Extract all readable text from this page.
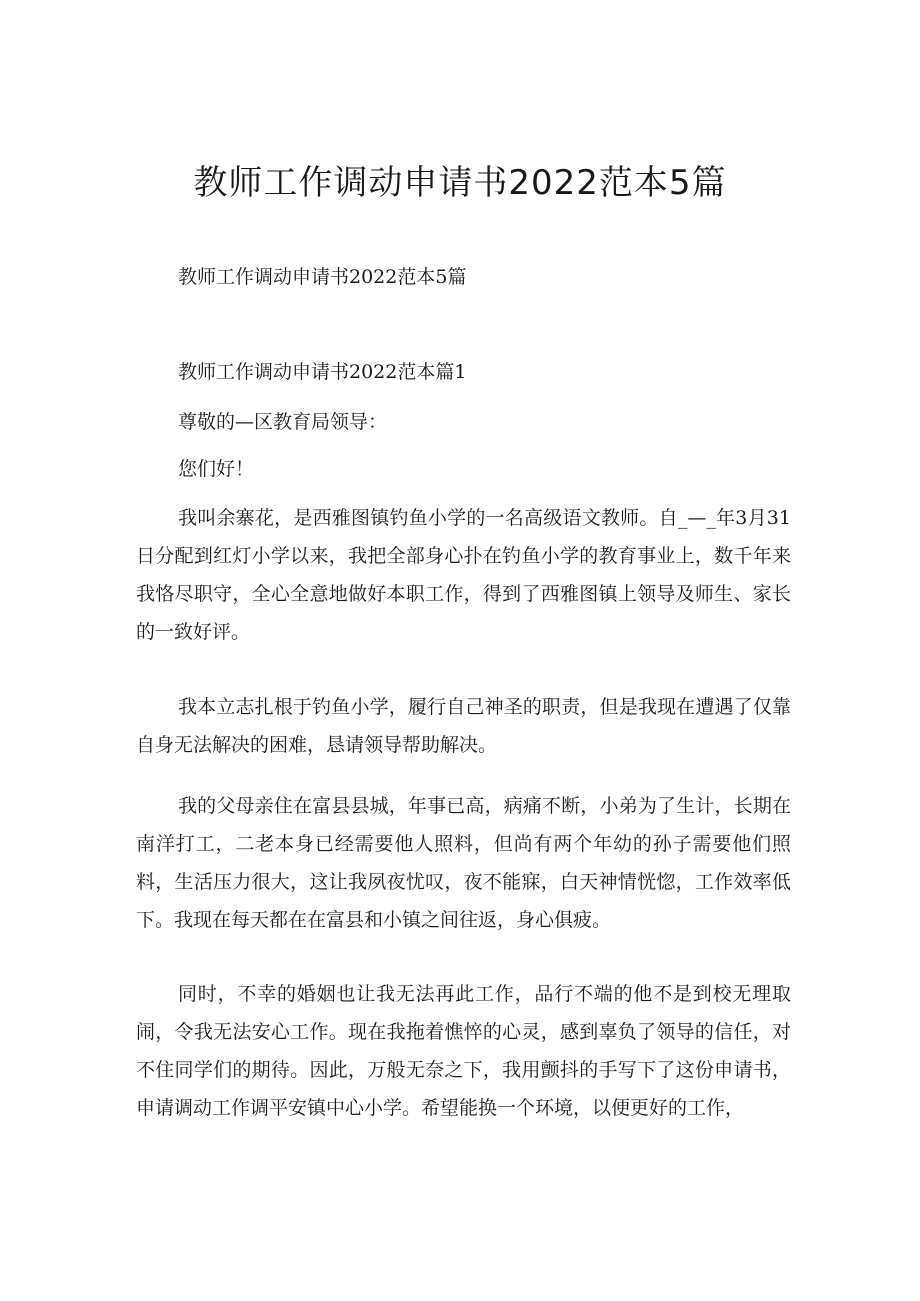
教师工作调动申请书2022范本5篇

教师工作调动申请书2022范本5篇

教师工作调动申请书2022范本篇1

尊敬的—区教育局领导：

您们好！

我叫余寨花，是西雅图镇钓鱼小学的一名高级语文教师。自_—_年3月31日分配到红灯小学以来，我把全部身心扑在钓鱼小学的教育事业上，数千年来我恪尽职守，全心全意地做好本职工作，得到了西雅图镇上领导及师生、家长的一致好评。

我本立志扎根于钓鱼小学，履行自己神圣的职责，但是我现在遭遇了仅靠自身无法解决的困难，恳请领导帮助解决。

我的父母亲住在富县县城，年事已高，病痛不断，小弟为了生计，长期在南洋打工，二老本身已经需要他人照料，但尚有两个年幼的孙子需要他们照料，生活压力很大，这让我夙夜忧叹，夜不能寐，白天神情恍惚，工作效率低下。我现在每天都在在富县和小镇之间往返，身心俱疲。

同时，不幸的婚姻也让我无法再此工作，品行不端的他不是到校无理取闹，令我无法安心工作。现在我拖着憔悴的心灵，感到辜负了领导的信任，对不住同学们的期待。因此，万般无奈之下，我用颤抖的手写下了这份申请书，申请调动工作调平安镇中心小学。希望能换一个环境，以便更好的工作，
